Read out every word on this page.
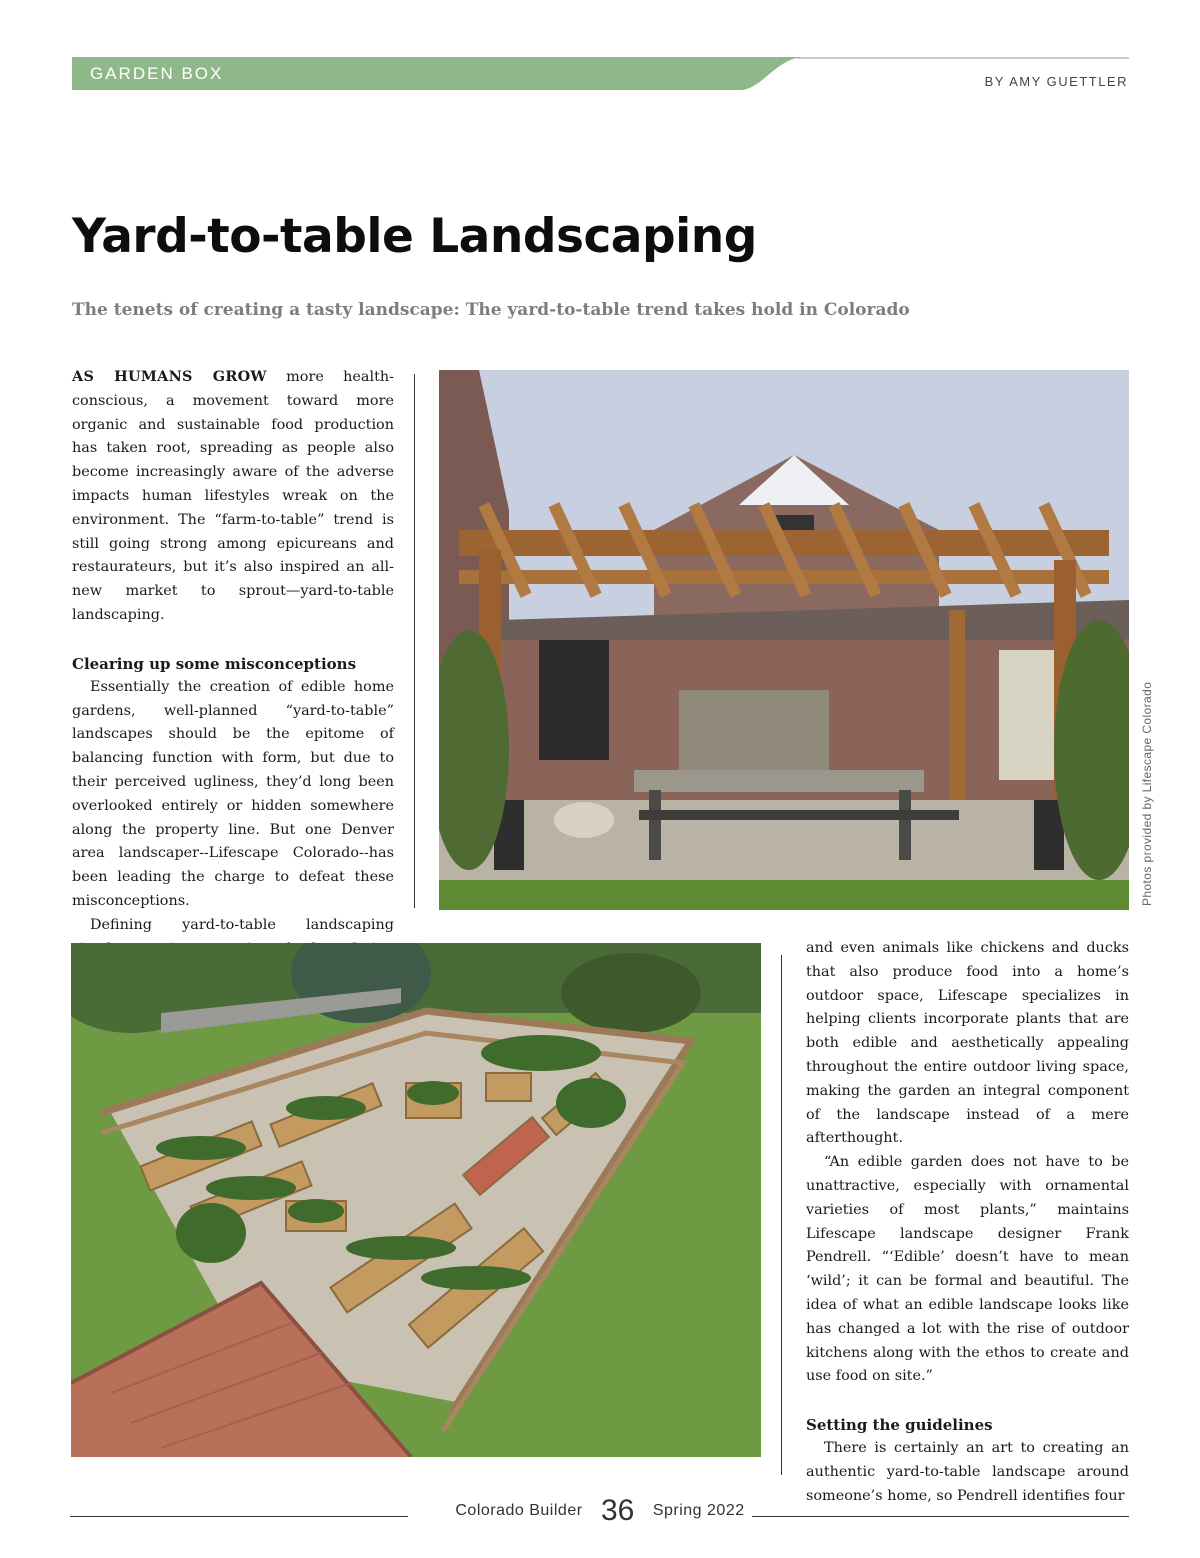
GARDEN BOX	BY AMY GUETTLER
Yard-to-table Landscaping
The tenets of creating a tasty landscape: The yard-to-table trend takes hold in Colorado

AS HUMANS GROW more health-conscious, a movement toward more organic and sustainable food production has taken root, spreading as people also become increasingly aware of the adverse impacts human lifestyles wreak on the environment. The “farm-to-table” trend is still going strong among epicureans and restaurateurs, but it’s also inspired an all-new market to sprout—yard-to-table landscaping.

Clearing up some misconceptions

Essentially the creation of edible home gardens, well-planned “yard-to-table” landscapes should be the epitome of balancing function with form, but due to their perceived ugliness, they’d long been overlooked entirely or hidden somewhere along the property line. But one Denver area landscaper--Lifescape Colorado--has been leading the charge to defeat these misconceptions.

Defining yard-to-table landscaping

Photos provided by Lifescape Colorado

and even animals like chickens and ducks that also produce food into a home’s outdoor space, Lifescape specializes in helping clients incorporate plants that are both edible and aesthetically appealing throughout the entire outdoor living space, making the garden an integral component of the landscape instead of a mere afterthought.

“An edible garden does not have to be unattractive, especially with ornamental varieties of most plants,” maintains Lifescape landscape designer Frank Pendrell. “‘Edible’ doesn’t have to mean ‘wild’; it can be formal and beautiful. The idea of what an edible landscape looks like has changed a lot with the rise of outdoor kitchens along with the ethos to create and use food on site.”

Setting the guidelines

There is certainly an art to creating an authentic yard-to-table landscape around someone’s home, so Pendrell identifies four

Colorado Builder 36 Spring 2022
